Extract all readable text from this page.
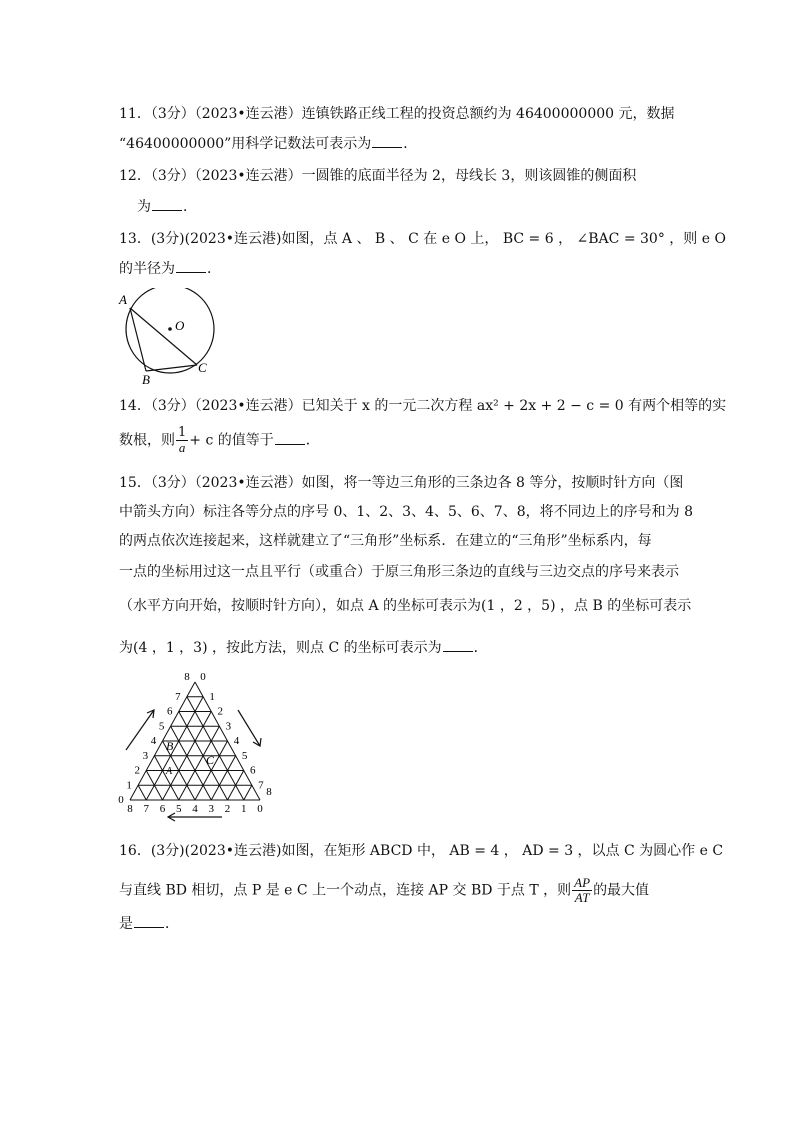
11．（3分）（2023•连云港）连镇铁路正线工程的投资总额约为 46400000000 元，数据
“46400000000”用科学记数法可表示为 ．
12．（3分）（2023•连云港）一圆锥的底面半径为 2，母线长 3，则该圆锥的侧面积
为 ．
13．(3分)(2023•连云港)如图，点 A 、 B 、 C 在 e O 上， BC = 6 ， ∠BAC = 30° ，则 e O
的半径为 ．
A
O
B
C
14．（3分）（2023•连云港）已知关于 x 的一元二次方程 ax² + 2x + 2 − c = 0 有两个相等的实
数根，则 $\frac{1}{a} + c$ 的值等于 ．
15．（3分）（2023•连云港）如图，将一等边三角形的三条边各 8 等分，按顺时针方向（图
中箭头方向）标注各等分点的序号 0、1、2、3、4、5、6、7、8，将不同边上的序号和为 8
的两点依次连接起来，这样就建立了“三角形”坐标系．在建立的“三角形”坐标系内，每
一点的坐标用过这一点且平行（或重合）于原三角形三条边的直线与三边交点的序号来表示
（水平方向开始，按顺时针方向），如点 A 的坐标可表示为(1 ，2 ，5) ，点 B 的坐标可表示
为(4 ，1 ，3) ，按此方法，则点 C 的坐标可表示为 ．
8 0
7
6
5
4
3
2
1
0
1
2
3
4
5
6
7
8
8 7 6 5 4 3 2 1 0
B
C
A
16．(3分)(2023•连云港)如图，在矩形 ABCD 中， AB = 4 ， AD = 3 ，以点 C 为圆心作 e C
与直线 BD 相切，点 P 是 e C 上一个动点，连接 AP 交 BD 于点 T ，则 $\frac{AP}{AT}$ 的最大值
是 ．
